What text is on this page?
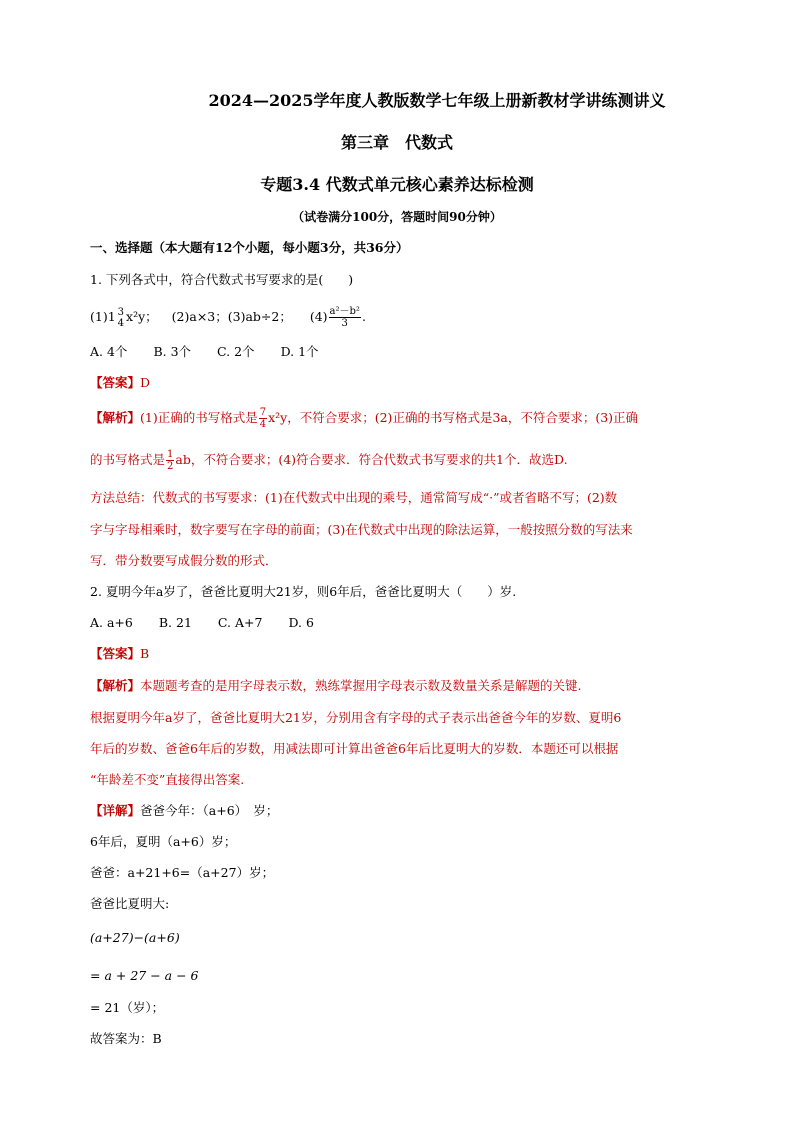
2024—2025学年度人教版数学七年级上册新教材学讲练测讲义
第三章　代数式
专题3.4 代数式单元核心素养达标检测
（试卷满分100分，答题时间90分钟）
一、选择题（本大题有12个小题，每小题3分，共36分）
1. 下列各式中，符合代数式书写要求的是(　　)
(1)1 3
4 x²y； (2)a×3；(3)ab÷2； $(4) \frac{\text{a²－b²}}{3}$ .
A. 4个 B. 3个 C. 2个 D. 1个
【答案】D
【解析】(1)正确的书写格式是 $\frac{7}{4} x^2y$，不符合要求；(2)正确的书写格式是3a，不符合要求；(3)正确
的书写格式是 $\frac{1}{2}$ ab，不符合要求；(4)符合要求．符合代数式书写要求的共1个．故选D.
方法总结：代数式的书写要求：(1)在代数式中出现的乘号，通常简写成“·”或者省略不写；(2)数
字与字母相乘时，数字要写在字母的前面；(3)在代数式中出现的除法运算，一般按照分数的写法来
写．带分数要写成假分数的形式．
2. 夏明今年a岁了，爸爸比夏明大21岁，则6年后，爸爸比夏明大（　　）岁.
A. a+6 B. 21 C. A+7 D. 6
【答案】B
【解析】本题题考查的是用字母表示数，熟练掌握用字母表示数及数量关系是解题的关键.
根据夏明今年a岁了，爸爸比夏明大21岁，分别用含有字母的式子表示出爸爸今年的岁数、夏明6
年后的岁数、爸爸6年后的岁数，用减法即可计算出爸爸6年后比夏明大的岁数．本题还可以根据
“年龄差不变”直接得出答案.
【详解】爸爸今年：（a+6）　岁；
6年后，夏明（a+6）岁；
爸爸：a+21+6=（a+27）岁；
爸爸比夏明大:
(a+27)−(a+6)
= a + 27 − a − 6
= 21（岁）；
故答案为：B
